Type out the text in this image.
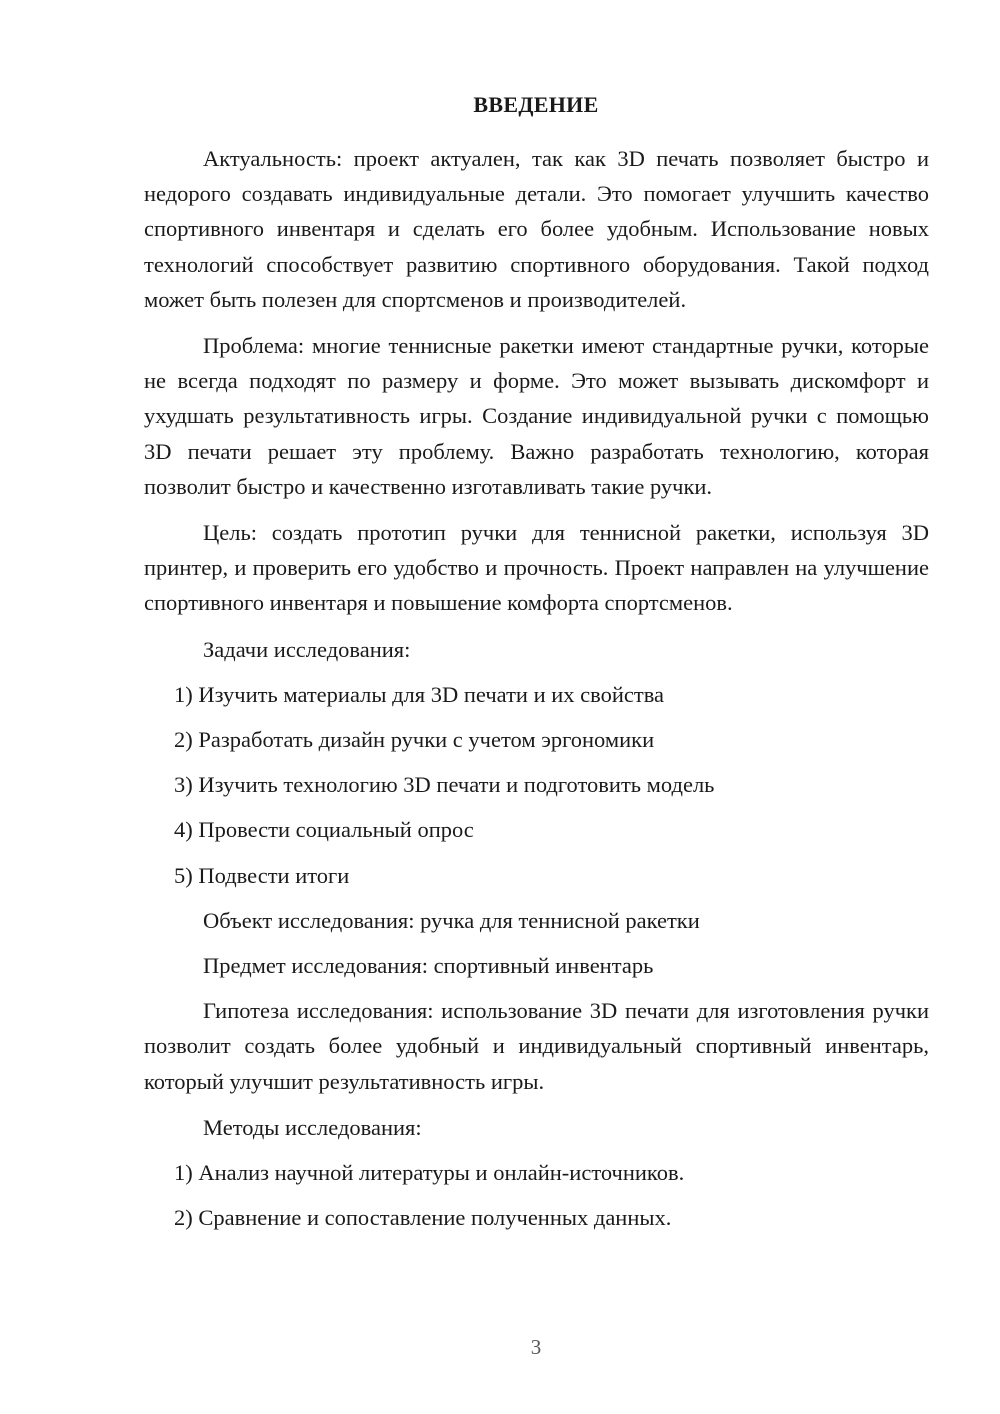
ВВЕДЕНИЕ

Актуальность: проект актуален, так как 3D печать позволяет быстро и недорого создавать индивидуальные детали. Это помогает улучшить качество спортивного инвентаря и сделать его более удобным. Использование новых технологий способствует развитию спортивного оборудования. Такой подход может быть полезен для спортсменов и производителей.

Проблема: многие теннисные ракетки имеют стандартные ручки, которые не всегда подходят по размеру и форме. Это может вызывать дискомфорт и ухудшать результативность игры. Создание индивидуальной ручки с помощью 3D печати решает эту проблему. Важно разработать технологию, которая позволит быстро и качественно изготавливать такие ручки.

Цель: создать прототип ручки для теннисной ракетки, используя 3D принтер, и проверить его удобство и прочность. Проект направлен на улучшение спортивного инвентаря и повышение комфорта спортсменов.

Задачи исследования:
1) Изучить материалы для 3D печати и их свойства
2) Разработать дизайн ручки с учетом эргономики
3) Изучить технологию 3D печати и подготовить модель
4) Провести социальный опрос
5) Подвести итоги
Объект исследования: ручка для теннисной ракетки
Предмет исследования: спортивный инвентарь

Гипотеза исследования: использование 3D печати для изготовления ручки позволит создать более удобный и индивидуальный спортивный инвентарь, который улучшит результативность игры.

Методы исследования:
1) Анализ научной литературы и онлайн-источников.
2) Сравнение и сопоставление полученных данных.
3
